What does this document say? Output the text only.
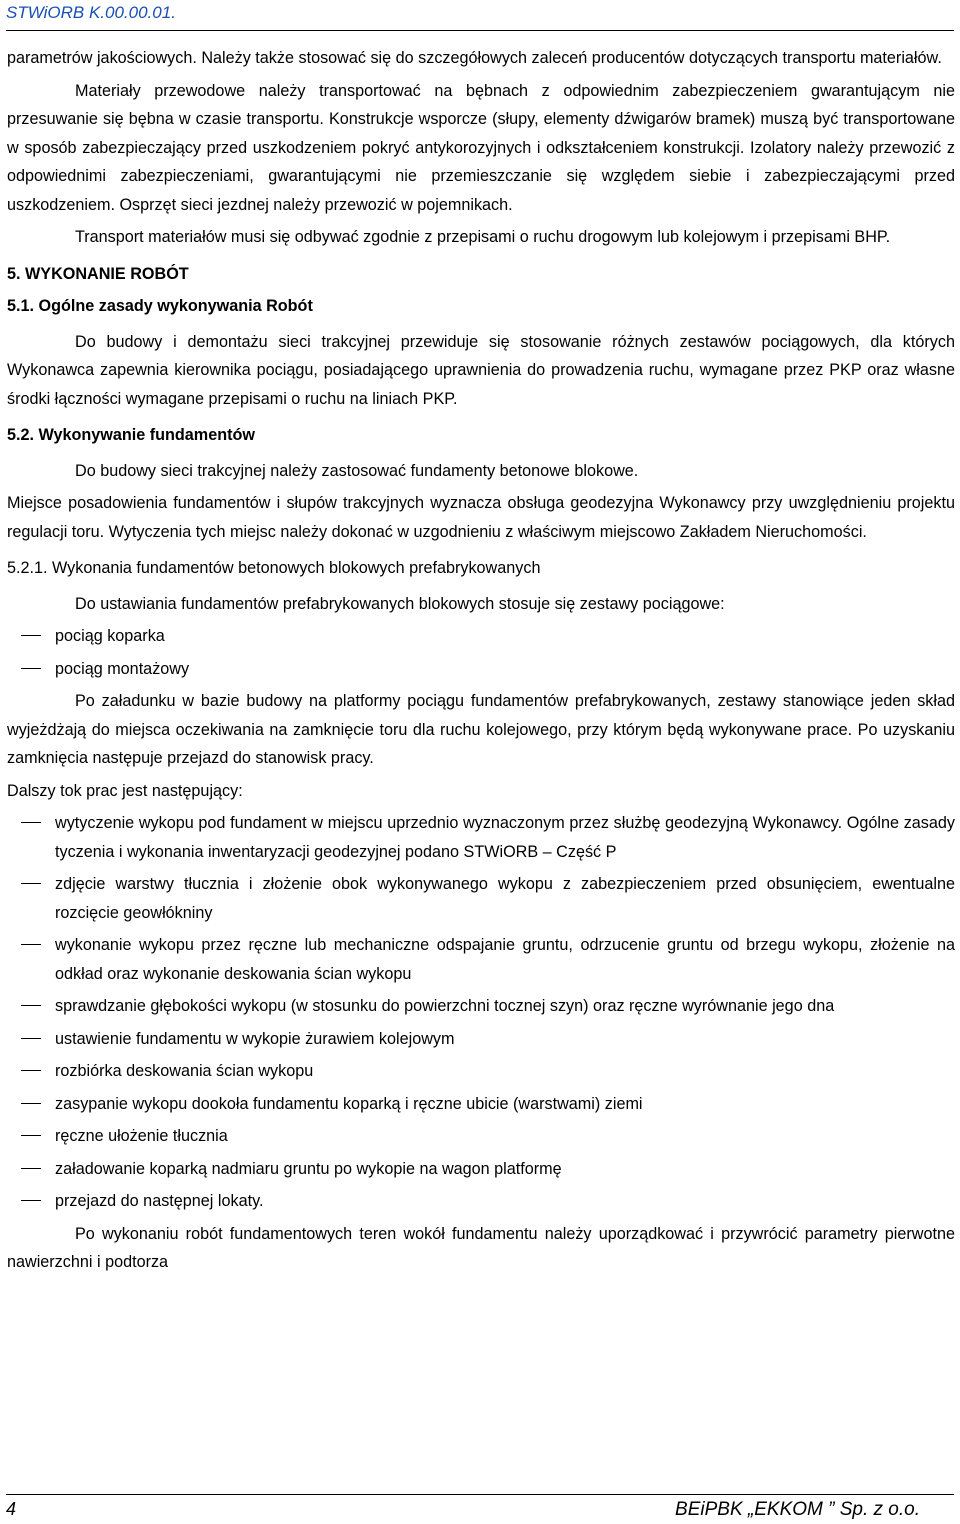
STWiORB K.00.00.01.

parametrów jakościowych. Należy także stosować się do szczegółowych zaleceń producentów dotyczących transportu materiałów.

Materiały przewodowe należy transportować na bębnach z odpowiednim zabezpieczeniem gwarantującym nie przesuwanie się bębna w czasie transportu. Konstrukcje wsporcze (słupy, elementy dźwigarów bramek) muszą być transportowane w sposób zabezpieczający przed uszkodzeniem pokryć antykorozyjnych i odkształceniem konstrukcji. Izolatory należy przewozić z odpowiednimi zabezpieczeniami, gwarantującymi nie przemieszczanie się względem siebie i zabezpieczającymi przed uszkodzeniem. Osprzęt sieci jezdnej należy przewozić w pojemnikach.

Transport materiałów musi się odbywać zgodnie z przepisami o ruchu drogowym lub kolejowym i przepisami BHP.

5. WYKONANIE ROBÓT

5.1. Ogólne zasady wykonywania Robót

Do budowy i demontażu sieci trakcyjnej przewiduje się stosowanie różnych zestawów pociągowych, dla których Wykonawca zapewnia kierownika pociągu, posiadającego uprawnienia do prowadzenia ruchu, wymagane przez PKP oraz własne środki łączności wymagane przepisami o ruchu na liniach PKP.

5.2. Wykonywanie fundamentów

Do budowy sieci trakcyjnej należy zastosować fundamenty betonowe blokowe.

Miejsce posadowienia fundamentów i słupów trakcyjnych wyznacza obsługa geodezyjna Wykonawcy przy uwzględnieniu projektu regulacji toru. Wytyczenia tych miejsc należy dokonać w uzgodnieniu z właściwym miejscowo Zakładem Nieruchomości.

5.2.1. Wykonania fundamentów betonowych blokowych prefabrykowanych

Do ustawiania fundamentów prefabrykowanych blokowych stosuje się zestawy pociągowe:

pociąg koparka
pociąg montażowy

Po załadunku w bazie budowy na platformy pociągu fundamentów prefabrykowanych, zestawy stanowiące jeden skład wyjeżdżają do miejsca oczekiwania na zamknięcie toru dla ruchu kolejowego, przy którym będą wykonywane prace. Po uzyskaniu zamknięcia następuje przejazd do stanowisk pracy.

Dalszy tok prac jest następujący:

wytyczenie wykopu pod fundament w miejscu uprzednio wyznaczonym przez służbę geodezyjną Wykonawcy. Ogólne zasady tyczenia i wykonania inwentaryzacji geodezyjnej podano STWiORB – Część P
zdjęcie warstwy tłucznia i złożenie obok wykonywanego wykopu z zabezpieczeniem przed obsunięciem, ewentualne rozcięcie geowłókniny
wykonanie wykopu przez ręczne lub mechaniczne odspajanie gruntu, odrzucenie gruntu od brzegu wykopu, złożenie na odkład oraz wykonanie deskowania ścian wykopu
sprawdzanie głębokości wykopu (w stosunku do powierzchni tocznej szyn) oraz ręczne wyrównanie jego dna
ustawienie fundamentu w wykopie żurawiem kolejowym
rozbiórka deskowania ścian wykopu
zasypanie wykopu dookoła fundamentu koparką i ręczne ubicie (warstwami) ziemi
ręczne ułożenie tłucznia
załadowanie koparką nadmiaru gruntu po wykopie na wagon platformę
przejazd do następnej lokaty.

Po wykonaniu robót fundamentowych teren wokół fundamentu należy uporządkować i przywrócić parametry pierwotne nawierzchni i podtorza

4	BEiPBK „EKKOM ” Sp. z o.o.
